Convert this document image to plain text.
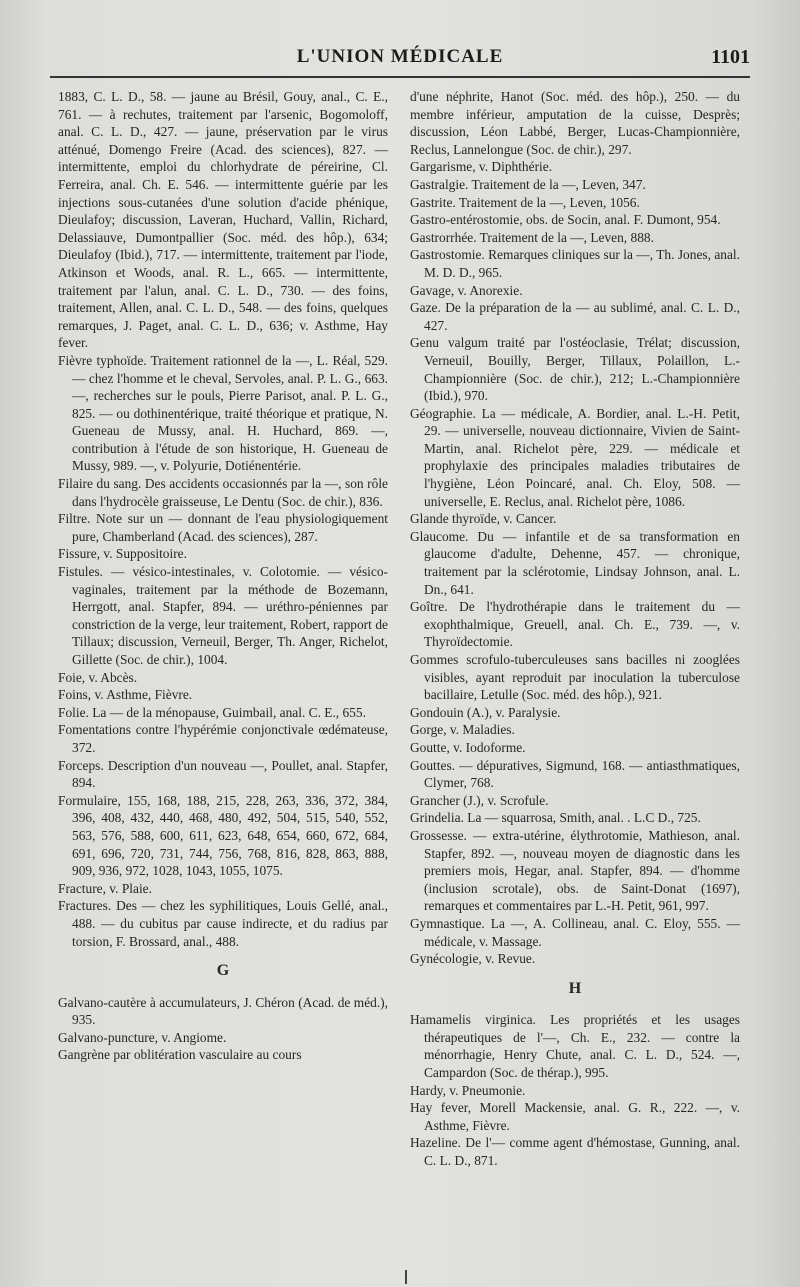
L'UNION MÉDICALE	1101

1883, C. L. D., 58. — jaune au Brésil, Gouy, anal., C. E., 761. — à rechutes, traitement par l'arsenic, Bogomoloff, anal. C. L. D., 427. — jaune, préservation par le virus atténué, Domengo Freire (Acad. des sciences), 827. — intermittente, emploi du chlorhydrate de péreirine, Cl. Ferreira, anal. Ch. E. 546. — intermittente guérie par les injections sous-cutanées d'une solution d'acide phénique, Dieulafoy; discussion, Laveran, Huchard, Vallin, Richard, Delassiauve, Dumontpallier (Soc. méd. des hôp.), 634; Dieulafoy (Ibid.), 717. — intermittente, traitement par l'iode, Atkinson et Woods, anal. R. L., 665. — intermittente, traitement par l'alun, anal. C. L. D., 730. — des foins, traitement, Allen, anal. C. L. D., 548. — des foins, quelques remarques, J. Paget, anal. C. L. D., 636; v. Asthme, Hay fever.

Fièvre typhoïde. Traitement rationnel de la —, L. Réal, 529. — chez l'homme et le cheval, Servoles, anal. P. L. G., 663. —, recherches sur le pouls, Pierre Parisot, anal. P. L. G., 825. — ou dothinentérique, traité théorique et pratique, N. Gueneau de Mussy, anal. H. Huchard, 869. —, contribution à l'étude de son historique, H. Gueneau de Mussy, 989. —, v. Polyurie, Dotiénentérie.

Filaire du sang. Des accidents occasionnés par la —, son rôle dans l'hydrocèle graisseuse, Le Dentu (Soc. de chir.), 836.

Filtre. Note sur un — donnant de l'eau physiologiquement pure, Chamberland (Acad. des sciences), 287.

Fissure, v. Suppositoire.

Fistules. — vésico-intestinales, v. Colotomie. — vésico-vaginales, traitement par la méthode de Bozemann, Herrgott, anal. Stapfer, 894. — uréthro-péniennes par constriction de la verge, leur traitement, Robert, rapport de Tillaux; discussion, Verneuil, Berger, Th. Anger, Richelot, Gillette (Soc. de chir.), 1004.

Foie, v. Abcès.

Foins, v. Asthme, Fièvre.

Folie. La — de la ménopause, Guimbail, anal. C. E., 655.

Fomentations contre l'hypérémie conjonctivale œdémateuse, 372.

Forceps. Description d'un nouveau —, Poullet, anal. Stapfer, 894.

Formulaire, 155, 168, 188, 215, 228, 263, 336, 372, 384, 396, 408, 432, 440, 468, 480, 492, 504, 515, 540, 552, 563, 576, 588, 600, 611, 623, 648, 654, 660, 672, 684, 691, 696, 720, 731, 744, 756, 768, 816, 828, 863, 888, 909, 936, 972, 1028, 1043, 1055, 1075.

Fracture, v. Plaie.

Fractures. Des — chez les syphilitiques, Louis Gellé, anal., 488. — du cubitus par cause indirecte, et du radius par torsion, F. Brossard, anal., 488.

G

Galvano-cautère à accumulateurs, J. Chéron (Acad. de méd.), 935.

Galvano-puncture, v. Angiome.

Gangrène par oblitération vasculaire au cours

d'une néphrite, Hanot (Soc. méd. des hôp.), 250. — du membre inférieur, amputation de la cuisse, Desprès; discussion, Léon Labbé, Berger, Lucas-Championnière, Reclus, Lannelongue (Soc. de chir.), 297.

Gargarisme, v. Diphthérie.

Gastralgie. Traitement de la —, Leven, 347.

Gastrite. Traitement de la —, Leven, 1056.

Gastro-entérostomie, obs. de Socin, anal. F. Dumont, 954.

Gastrorrhée. Traitement de la —, Leven, 888.

Gastrostomie. Remarques cliniques sur la —, Th. Jones, anal. M. D. D., 965.

Gavage, v. Anorexie.

Gaze. De la préparation de la — au sublimé, anal. C. L. D., 427.

Genu valgum traité par l'ostéoclasie, Trélat; discussion, Verneuil, Bouilly, Berger, Tillaux, Polaillon, L.-Championnière (Soc. de chir.), 212; L.-Championnière (Ibid.), 970.

Géographie. La — médicale, A. Bordier, anal. L.-H. Petit, 29. — universelle, nouveau dictionnaire, Vivien de Saint-Martin, anal. Richelot père, 229. — médicale et prophylaxie des principales maladies tributaires de l'hygiène, Léon Poincaré, anal. Ch. Eloy, 508. — universelle, E. Reclus, anal. Richelot père, 1086.

Glande thyroïde, v. Cancer.

Glaucome. Du — infantile et de sa transformation en glaucome d'adulte, Dehenne, 457. — chronique, traitement par la sclérotomie, Lindsay Johnson, anal. L. Dn., 641.

Goître. De l'hydrothérapie dans le traitement du — exophthalmique, Greuell, anal. Ch. E., 739. —, v. Thyroïdectomie.

Gommes scrofulo-tuberculeuses sans bacilles ni zooglées visibles, ayant reproduit par inoculation la tuberculose bacillaire, Letulle (Soc. méd. des hôp.), 921.

Gondouin (A.), v. Paralysie.

Gorge, v. Maladies.

Goutte, v. Iodoforme.

Gouttes. — dépuratives, Sigmund, 168. — antiasthmatiques, Clymer, 768.

Grancher (J.), v. Scrofule.

Grindelia. La — squarrosa, Smith, anal. . L.C D., 725.

Grossesse. — extra-utérine, élythrotomie, Mathieson, anal. Stapfer, 892. —, nouveau moyen de diagnostic dans les premiers mois, Hegar, anal. Stapfer, 894. — d'homme (inclusion scrotale), obs. de Saint-Donat (1697), remarques et commentaires par L.-H. Petit, 961, 997.

Gymnastique. La —, A. Collineau, anal. C. Eloy, 555. — médicale, v. Massage.

Gynécologie, v. Revue.

H

Hamamelis virginica. Les propriétés et les usages thérapeutiques de l'—, Ch. E., 232. — contre la ménorrhagie, Henry Chute, anal. C. L. D., 524. —, Campardon (Soc. de thérap.), 995.

Hardy, v. Pneumonie.

Hay fever, Morell Mackensie, anal. G. R., 222. —, v. Asthme, Fièvre.

Hazeline. De l'— comme agent d'hémostase, Gunning, anal. C. L. D., 871.
